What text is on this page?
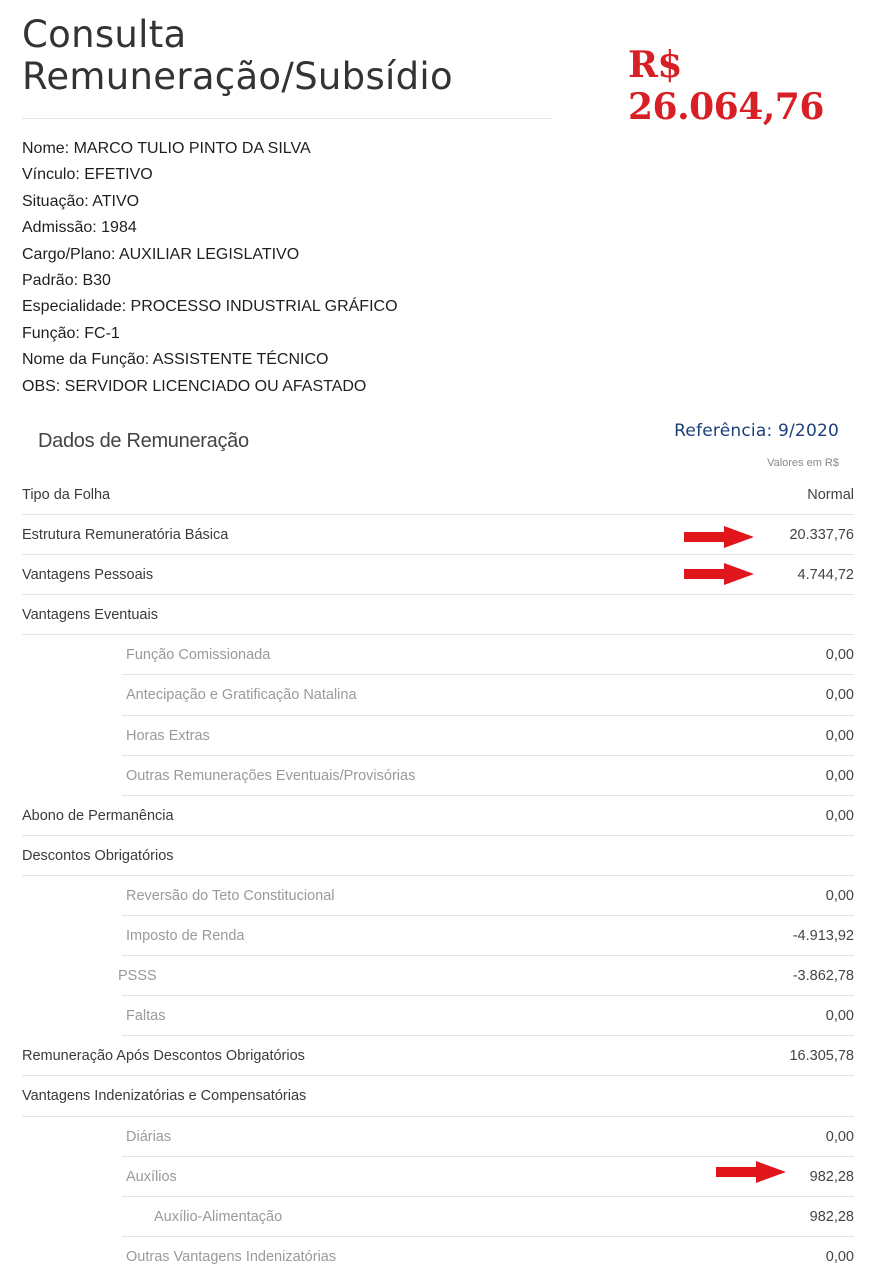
Consulta
Remuneração/Subsídio	R$ 26.064,76
Nome: MARCO TULIO PINTO DA SILVA
Vínculo: EFETIVO
Situação: ATIVO
Admissão: 1984
Cargo/Plano: AUXILIAR LEGISLATIVO
Padrão: B30
Especialidade: PROCESSO INDUSTRIAL GRÁFICO
Função: FC-1
Nome da Função: ASSISTENTE TÉCNICO
OBS: SERVIDOR LICENCIADO OU AFASTADO
Dados de Remuneração	Referência: 9/2020
Valores em R$
Tipo da Folha	Normal
Estrutura Remuneratória Básica	20.337,76
Vantagens Pessoais	4.744,72
Vantagens Eventuais
Função Comissionada	0,00
Antecipação e Gratificação Natalina	0,00
Horas Extras	0,00
Outras Remunerações Eventuais/Provisórias	0,00
Abono de Permanência	0,00
Descontos Obrigatórios
Reversão do Teto Constitucional	0,00
Imposto de Renda	-4.913,92
PSSS	-3.862,78
Faltas	0,00
Remuneração Após Descontos Obrigatórios	16.305,78
Vantagens Indenizatórias e Compensatórias
Diárias	0,00
Auxílios	982,28
Auxílio-Alimentação	982,28
Outras Vantagens Indenizatórias	0,00
